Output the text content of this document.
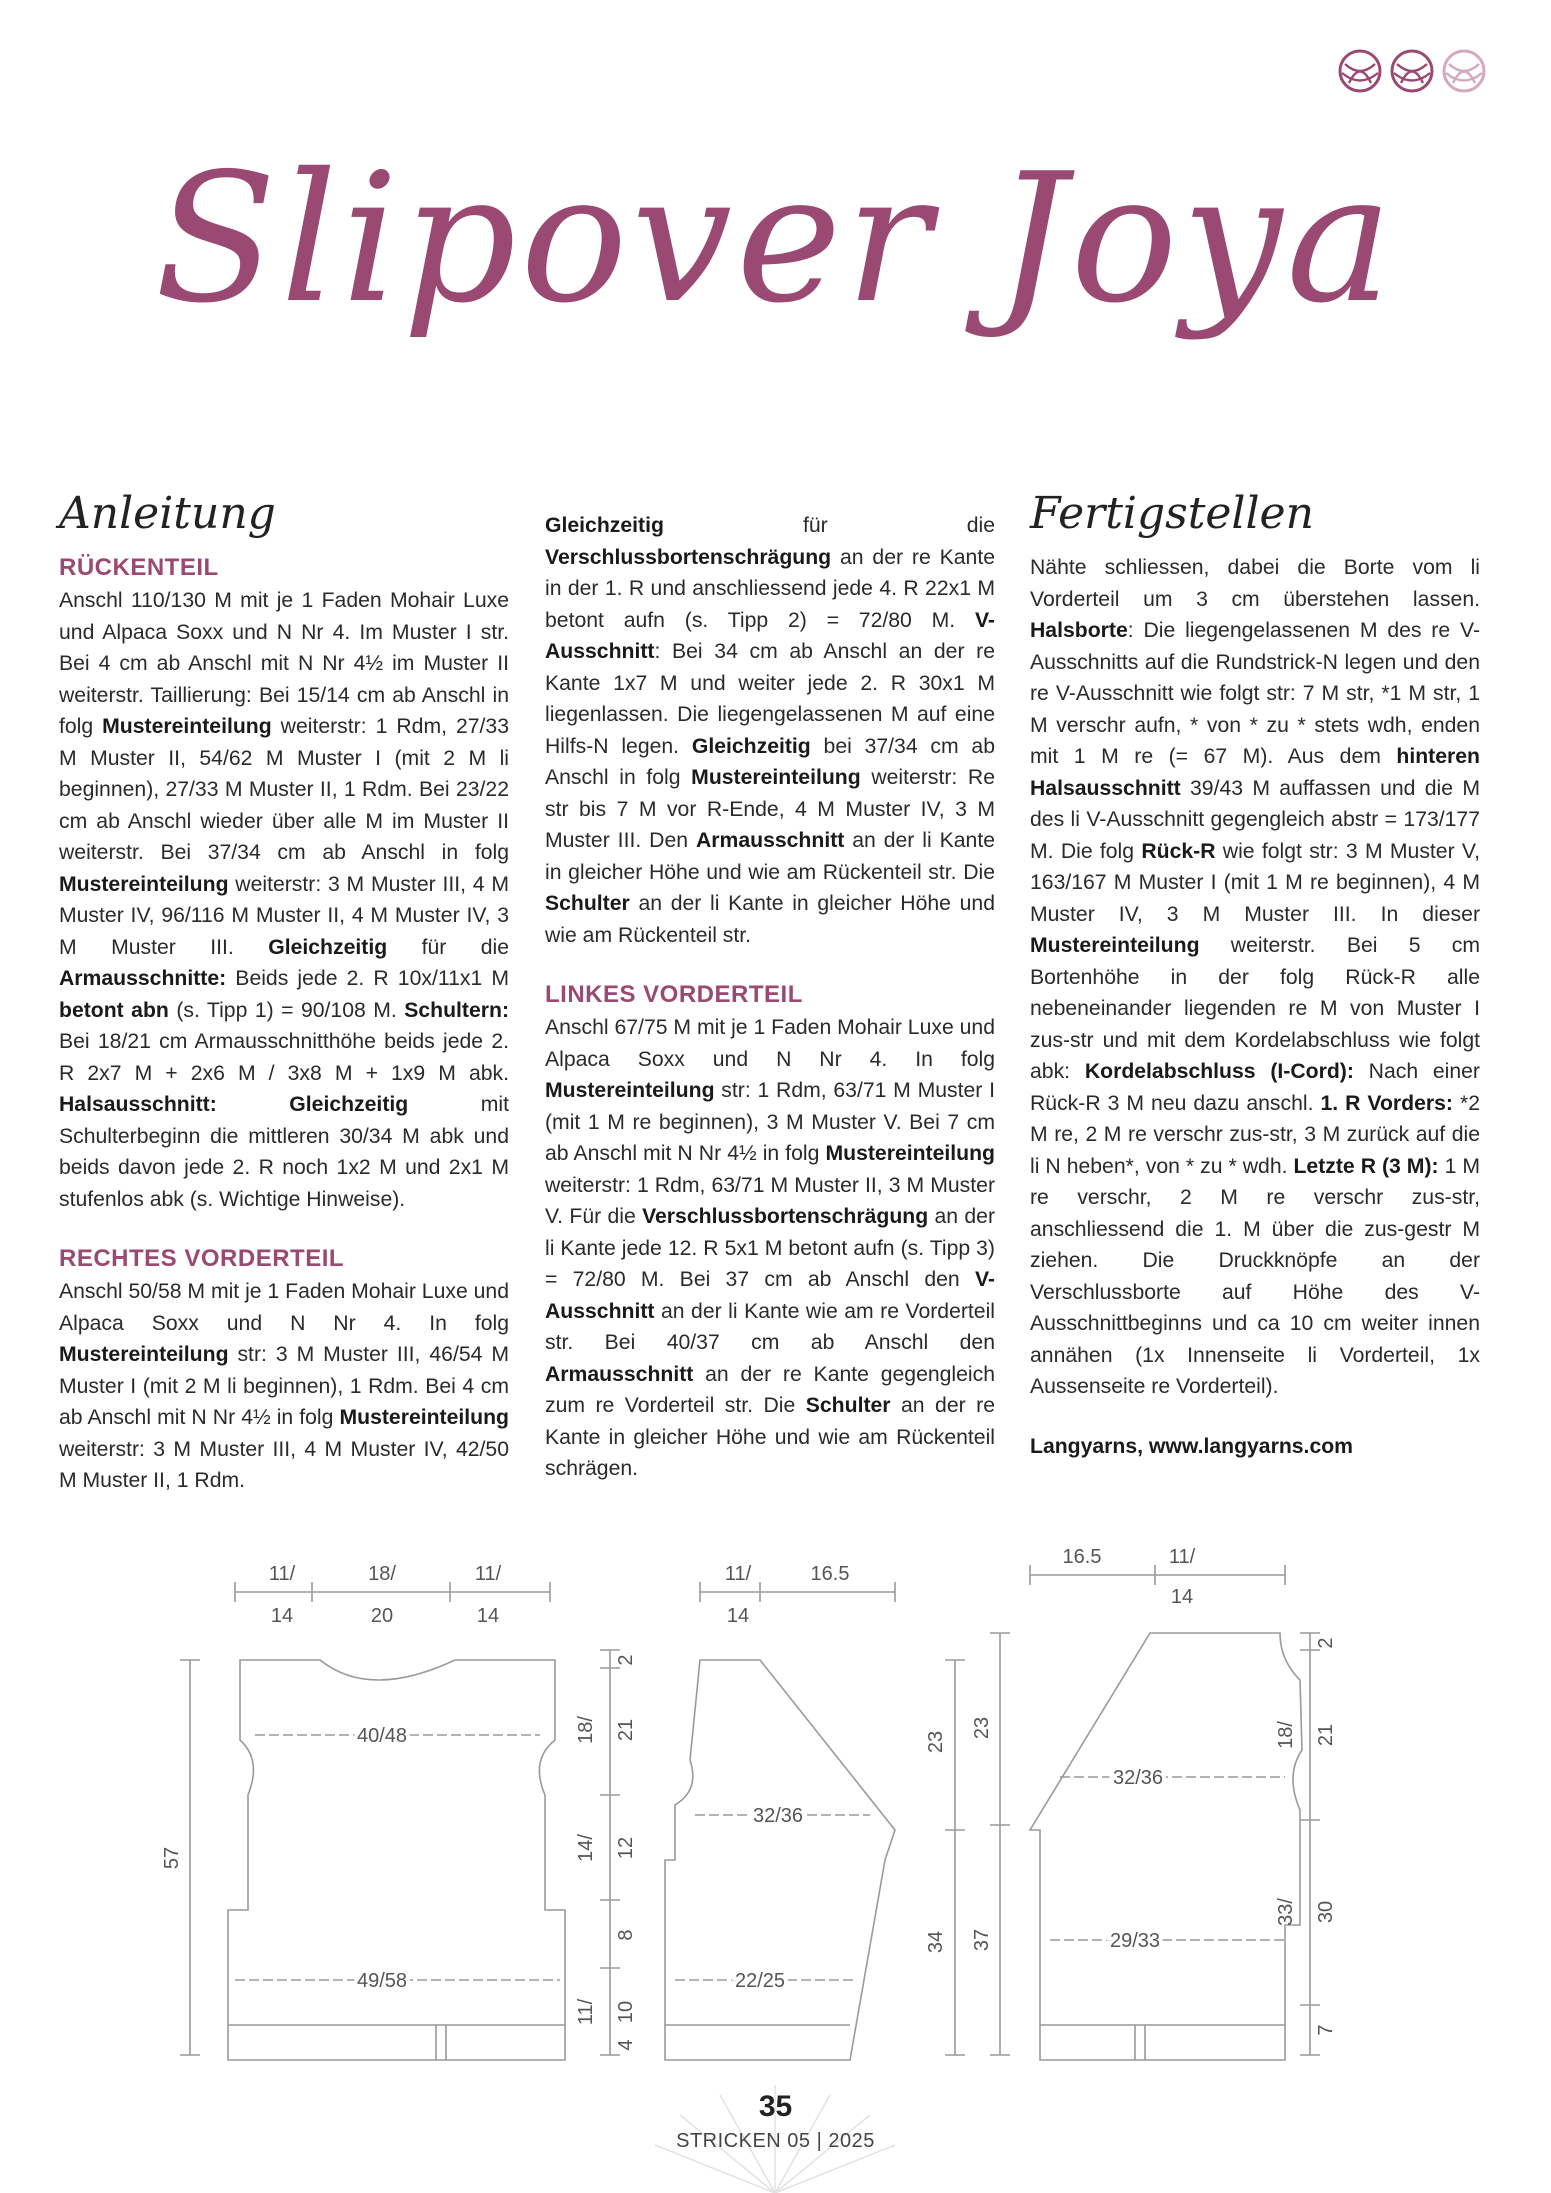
Slipover Joya
Anleitung
RÜCKENTEIL

Anschl 110/130 M mit je 1 Faden Mohair Luxe und Alpaca Soxx und N Nr 4. Im Muster I str. Bei 4 cm ab Anschl mit N Nr 4½ im Muster II weiterstr. Taillierung: Bei 15/14 cm ab Anschl in folg Mustereinteilung weiterstr: 1 Rdm, 27/33 M Muster II, 54/62 M Muster I (mit 2 M li beginnen), 27/33 M Muster II, 1 Rdm. Bei 23/22 cm ab Anschl wieder über alle M im Muster II weiterstr. Bei 37/34 cm ab Anschl in folg Mustereinteilung weiterstr: 3 M Muster III, 4 M Muster IV, 96/116 M Muster II, 4 M Muster IV, 3 M Muster III. Gleichzeitig für die Armausschnitte: Beids jede 2. R 10x/11x1 M betont abn (s. Tipp 1) = 90/108 M. Schultern: Bei 18/21 cm Armausschnitthöhe beids jede 2. R 2x7 M + 2x6 M / 3x8 M + 1x9 M abk. Halsausschnitt: Gleichzeitig mit Schulterbeginn die mittleren 30/34 M abk und beids davon jede 2. R noch 1x2 M und 2x1 M stufenlos abk (s. Wichtige Hinweise).

RECHTES VORDERTEIL

Anschl 50/58 M mit je 1 Faden Mohair Luxe und Alpaca Soxx und N Nr 4. In folg Mustereinteilung str: 3 M Muster III, 46/54 M Muster I (mit 2 M li beginnen), 1 Rdm. Bei 4 cm ab Anschl mit N Nr 4½ in folg Mustereinteilung weiterstr: 3 M Muster III, 4 M Muster IV, 42/50 M Muster II, 1 Rdm.

Gleichzeitig für die Verschlussbortenschrägung an der re Kante in der 1. R und anschliessend jede 4. R 22x1 M betont aufn (s. Tipp 2) = 72/80 M. V-Ausschnitt: Bei 34 cm ab Anschl an der re Kante 1x7 M und weiter jede 2. R 30x1 M liegenlassen. Die liegengelassenen M auf eine Hilfs-N legen. Gleichzeitig bei 37/34 cm ab Anschl in folg Mustereinteilung weiterstr: Re str bis 7 M vor R-Ende, 4 M Muster IV, 3 M Muster III. Den Armausschnitt an der li Kante in gleicher Höhe und wie am Rückenteil str. Die Schulter an der li Kante in gleicher Höhe und wie am Rückenteil str.

LINKES VORDERTEIL

Anschl 67/75 M mit je 1 Faden Mohair Luxe und Alpaca Soxx und N Nr 4. In folg Mustereinteilung str: 1 Rdm, 63/71 M Muster I (mit 1 M re beginnen), 3 M Muster V. Bei 7 cm ab Anschl mit N Nr 4½ in folg Mustereinteilung weiterstr: 1 Rdm, 63/71 M Muster II, 3 M Muster V. Für die Verschlussbortenschrägung an der li Kante jede 12. R 5x1 M betont aufn (s. Tipp 3) = 72/80 M. Bei 37 cm ab Anschl den V-Ausschnitt an der li Kante wie am re Vorderteil str. Bei 40/37 cm ab Anschl den Armausschnitt an der re Kante gegengleich zum re Vorderteil str. Die Schulter an der re Kante in gleicher Höhe und wie am Rückenteil schrägen.

Fertigstellen

Nähte schliessen, dabei die Borte vom li Vorderteil um 3 cm überstehen lassen. Halsborte: Die liegengelassenen M des re V-Ausschnitts auf die Rundstrick-N legen und den re V-Ausschnitt wie folgt str: 7 M str, *1 M str, 1 M verschr aufn, * von * zu * stets wdh, enden mit 1 M re (= 67 M). Aus dem hinteren Halsausschnitt 39/43 M auffassen und die M des li V-Ausschnitt gegengleich abstr = 173/177 M. Die folg Rück-R wie folgt str: 3 M Muster V, 163/167 M Muster I (mit 1 M re beginnen), 4 M Muster IV, 3 M Muster III. In dieser Mustereinteilung weiterstr. Bei 5 cm Bortenhöhe in der folg Rück-R alle nebeneinander liegenden re M von Muster I zus-str und mit dem Kordelabschluss wie folgt abk: Kordelabschluss (I-Cord): Nach einer Rück-R 3 M neu dazu anschl. 1. R Vorders: *2 M re, 2 M re verschr zus-str, 3 M zurück auf die li N heben*, von * zu * wdh. Letzte R (3 M): 1 M re verschr, 2 M re verschr zus-str, anschliessend die 1. M über die zus-gestr M ziehen. Die Druckknöpfe an der Verschlussborte auf Höhe des V-Ausschnittbeginns und ca 10 cm weiter innen annähen (1x Innenseite li Vorderteil, 1x Aussenseite re Vorderteil).

Langyarns, www.langyarns.com

11/
14
18/
20
11/
14
40/48
49/58
57
2
18/ 21
14/ 12
8
11/ 10
4
11/
14
16.5
32/36
22/25
23
34
16.5	11/
14
32/36
29/33
23
37
2
18/ 21
33/ 30
7
35
STRICKEN 05 | 2025
